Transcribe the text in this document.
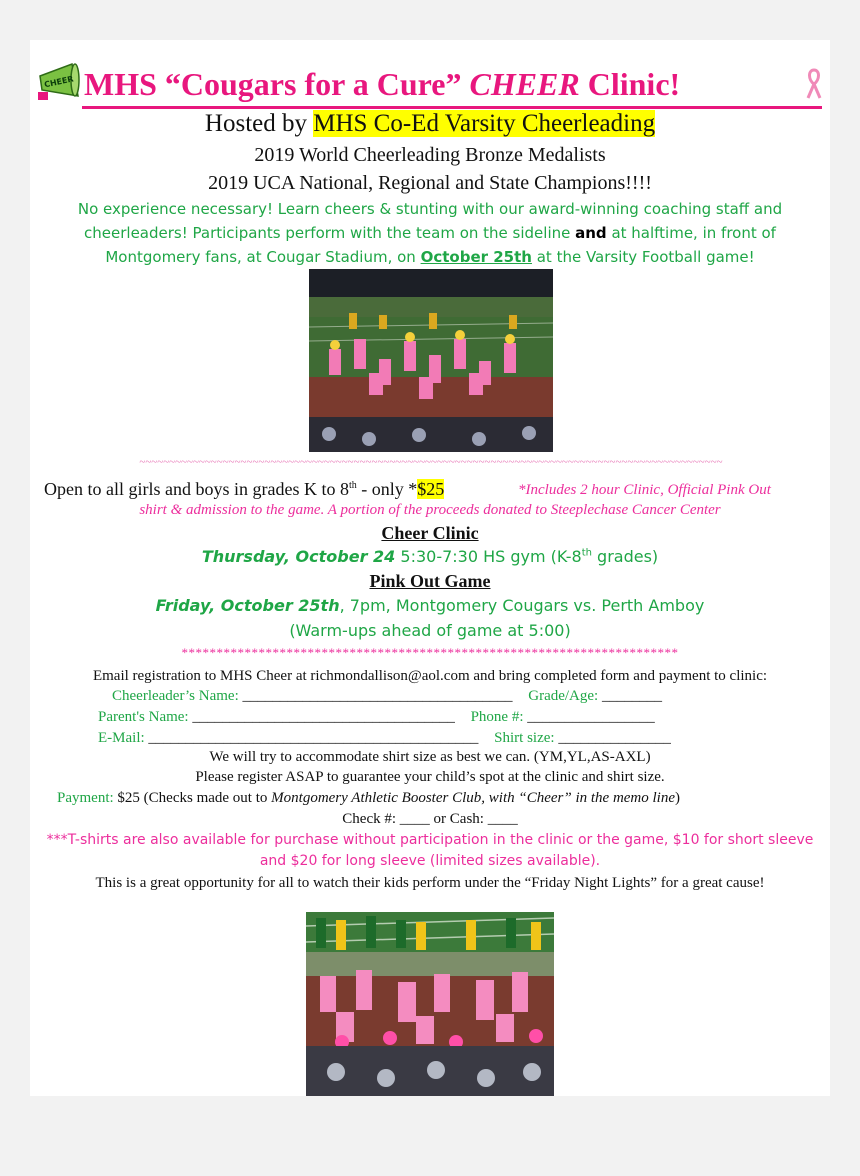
CHEER MHS “Cougars for a Cure” CHEER Clinic!
Hosted by MHS Co-Ed Varsity Cheerleading
2019 World Cheerleading Bronze Medalists
2019 UCA National, Regional and State Champions!!!!
No experience necessary! Learn cheers & stunting with our award-winning coaching staff and
cheerleaders! Participants perform with the team on the sideline and at halftime, in front of
Montgomery fans, at Cougar Stadium, on October 25th at the Varsity Football game!
~~~~~~~~~~~~~~~~~~~~~~~~~~~~~~~~~~~~~~~~~~~~~~~~~~~~~~~~~~~~~~~~~~~~~~~~~~~~~~~~~~~~~~~~~~~~~~~~~~
Open to all girls and boys in grades K to 8th - only *$25	*Includes 2 hour Clinic, Official Pink Out
shirt & admission to the game. A portion of the proceeds donated to Steeplechase Cancer Center
Cheer Clinic
Thursday, October 24 5:30-7:30 HS gym (K-8th grades)
Pink Out Game
Friday, October 25th, 7pm, Montgomery Cougars vs. Perth Amboy
(Warm-ups ahead of game at 5:00)
***********************************************************************
Email registration to MHS Cheer at richmondallison@aol.com and bring completed form and payment to clinic:
Cheerleader’s Name: ____________________________________ Grade/Age: ________
Parent's Name: ___________________________________ Phone #: _________________
E-Mail: ____________________________________________ Shirt size: _______________
We will try to accommodate shirt size as best we can. (YM,YL,AS-AXL)
Please register ASAP to guarantee your child’s spot at the clinic and shirt size.
Payment: $25 (Checks made out to Montgomery Athletic Booster Club, with “Cheer” in the memo line)
Check #: ____ or Cash: ____
***T-shirts are also available for purchase without participation in the clinic or the game, $10 for short sleeve
and $20 for long sleeve (limited sizes available).
This is a great opportunity for all to watch their kids perform under the “Friday Night Lights” for a great cause!
